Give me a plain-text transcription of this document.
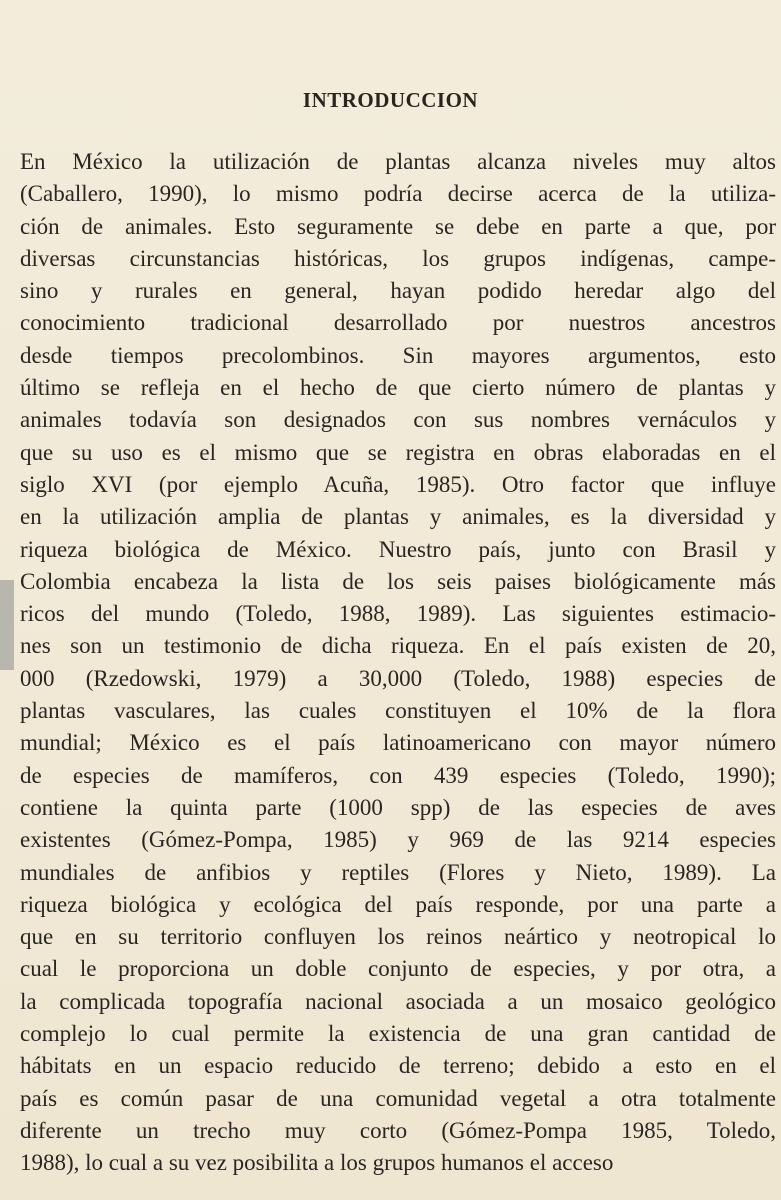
INTRODUCCION
En México la utilización de plantas alcanza niveles muy altos
(Caballero, 1990), lo mismo podría decirse acerca de la utiliza-
ción de animales. Esto seguramente se debe en parte a que, por
diversas circunstancias históricas, los grupos indígenas, campe-
sino y rurales en general, hayan podido heredar algo del
conocimiento tradicional desarrollado por nuestros ancestros
desde tiempos precolombinos. Sin mayores argumentos, esto
último se refleja en el hecho de que cierto número de plantas y
animales todavía son designados con sus nombres vernáculos y
que su uso es el mismo que se registra en obras elaboradas en el
siglo XVI (por ejemplo Acuña, 1985). Otro factor que influye
en la utilización amplia de plantas y animales, es la diversidad y
riqueza biológica de México. Nuestro país, junto con Brasil y
Colombia encabeza la lista de los seis paises biológicamente más
ricos del mundo (Toledo, 1988, 1989). Las siguientes estimacio-
nes son un testimonio de dicha riqueza. En el país existen de 20,
000 (Rzedowski, 1979) a 30,000 (Toledo, 1988) especies de
plantas vasculares, las cuales constituyen el 10% de la flora
mundial; México es el país latinoamericano con mayor número
de especies de mamíferos, con 439 especies (Toledo, 1990);
contiene la quinta parte (1000 spp) de las especies de aves
existentes (Gómez-Pompa, 1985) y 969 de las 9214 especies
mundiales de anfibios y reptiles (Flores y Nieto, 1989). La
riqueza biológica y ecológica del país responde, por una parte a
que en su territorio confluyen los reinos neártico y neotropical lo
cual le proporciona un doble conjunto de especies, y por otra, a
la complicada topografía nacional asociada a un mosaico geológico
complejo lo cual permite la existencia de una gran cantidad de
hábitats en un espacio reducido de terreno; debido a esto en el
país es común pasar de una comunidad vegetal a otra totalmente
diferente un trecho muy corto (Gómez-Pompa 1985, Toledo,
1988), lo cual a su vez posibilita a los grupos humanos el acceso
